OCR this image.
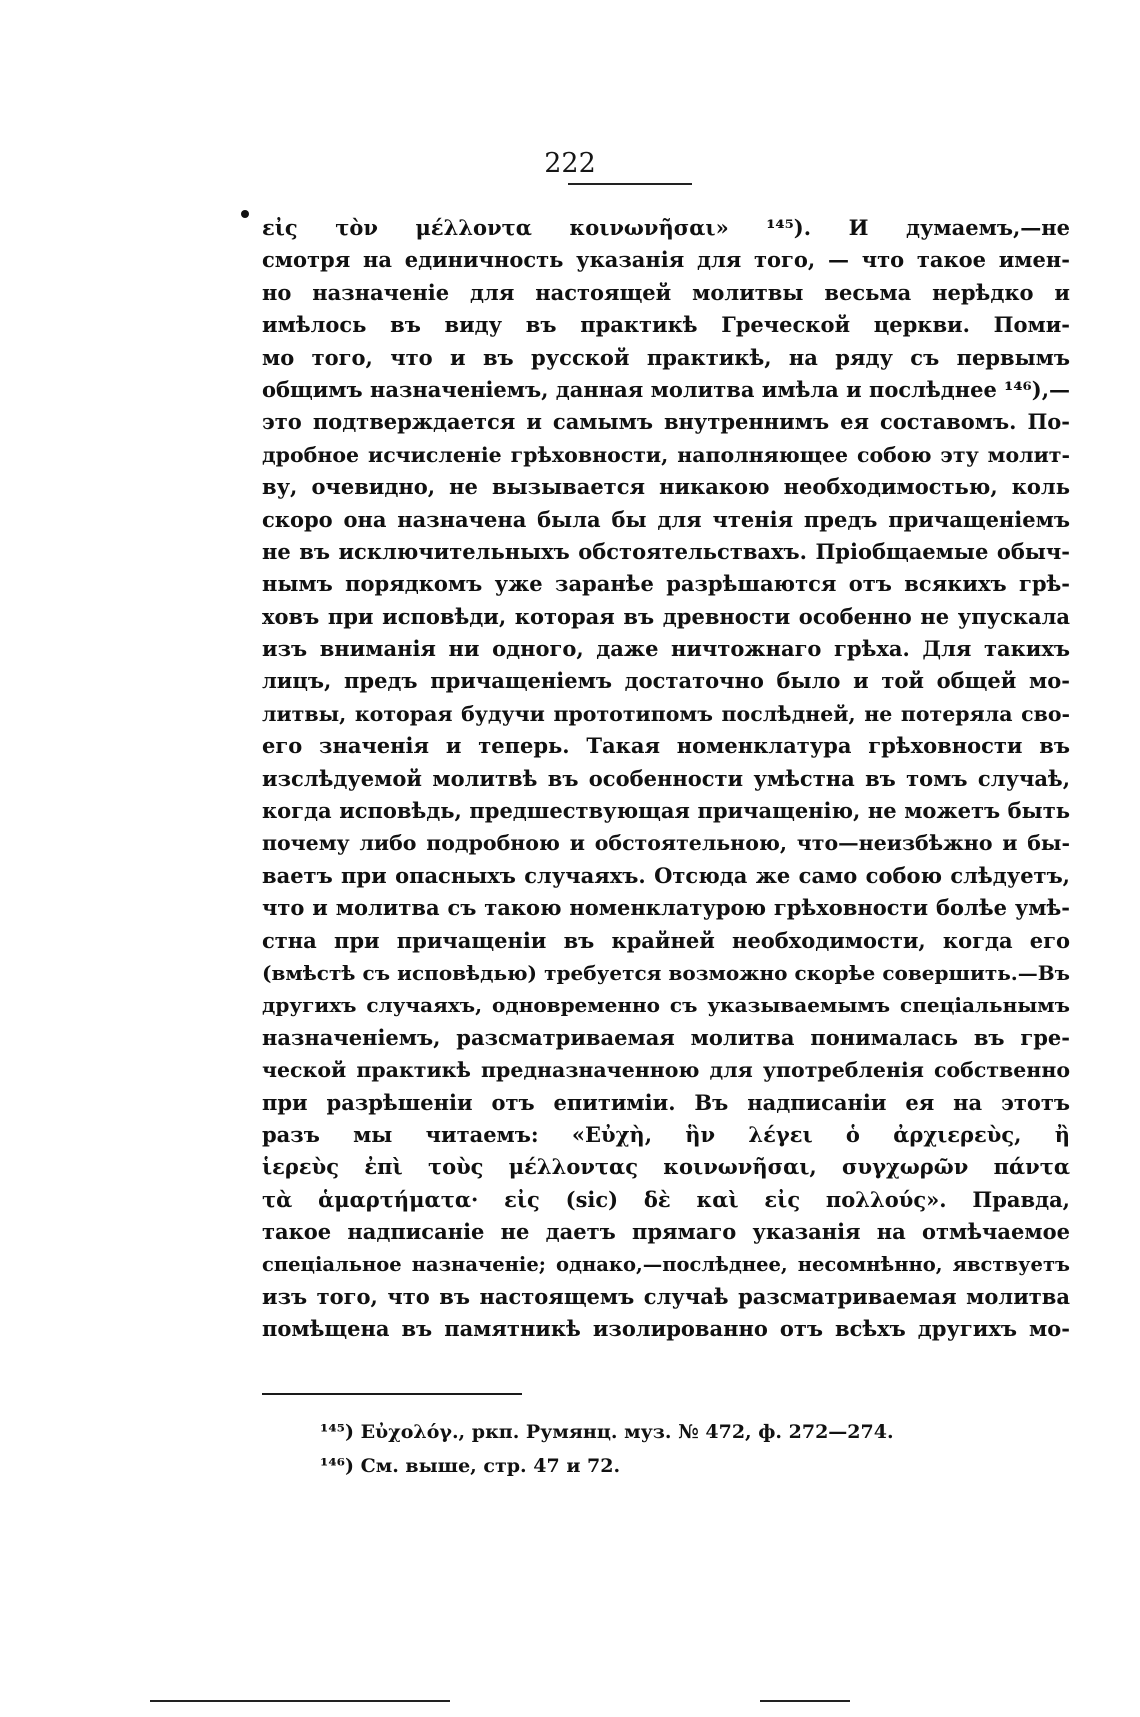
222
εἰς τὸν μέλλοντα κοινωνῆσαι» ¹⁴⁵). И думаемъ,—не
смотря на единичность указанія для того, — что такое имен-
но назначеніе для настоящей молитвы весьма нерѣдко и
имѣлось въ виду въ практикѣ Греческой церкви. Поми-
мо того, что и въ русской практикѣ, на ряду съ первымъ
общимъ назначеніемъ, данная молитва имѣла и послѣднее ¹⁴⁶),—
это подтверждается и самымъ внутреннимъ ея составомъ. По-
дробное исчисленіе грѣховности, наполняющее собою эту молит-
ву, очевидно, не вызывается никакою необходимостью, коль
скоро она назначена была бы для чтенія предъ причащеніемъ
не въ исключительныхъ обстоятельствахъ. Пріобщаемые обыч-
нымъ порядкомъ уже заранѣе разрѣшаются отъ всякихъ грѣ-
ховъ при исповѣди, которая въ древности особенно не упускала
изъ вниманія ни одного, даже ничтожнаго грѣха. Для такихъ
лицъ, предъ причащеніемъ достаточно было и той общей мо-
литвы, которая будучи прототипомъ послѣдней, не потеряла сво-
его значенія и теперь. Такая номенклатура грѣховности въ
изслѣдуемой молитвѣ въ особенности умѣстна въ томъ случаѣ,
когда исповѣдь, предшествующая причащенію, не можетъ быть
почему либо подробною и обстоятельною, что—неизбѣжно и бы-
ваетъ при опасныхъ случаяхъ. Отсюда же само собою слѣдуетъ,
что и молитва съ такою номенклатурою грѣховности болѣе умѣ-
стна при причащеніи въ крайней необходимости, когда его
(вмѣстѣ съ исповѣдью) требуется возможно скорѣе совершить.—Въ
другихъ случаяхъ, одновременно съ указываемымъ спеціальнымъ
назначеніемъ, разсматриваемая молитва понималась въ гре-
ческой практикѣ предназначенною для употребленія собственно
при разрѣшеніи отъ епитиміи. Въ надписаніи ея на этотъ
разъ мы читаемъ: «Εὐχὴ, ἣν λέγει ὁ ἀρχιερεὺς, ἢ
ἱερεὺς ἐπὶ τοὺς μέλλοντας κοινωνῆσαι, συγχωρῶν πάντα
τὰ ἁμαρτήματα· εἰς (sic) δὲ καὶ εἰς πολλούς». Правда,
такое надписаніе не даетъ прямаго указанія на отмѣчаемое
спеціальное назначеніе; однако,—послѣднее, несомнѣнно, явствуетъ
изъ того, что въ настоящемъ случаѣ разсматриваемая молитва
помѣщена въ памятникѣ изолированно отъ всѣхъ другихъ мо-
¹⁴⁵) Εὐχολόγ., ркп. Румянц. муз. № 472, ф. 272—274.
¹⁴⁶) См. выше, стр. 47 и 72.
